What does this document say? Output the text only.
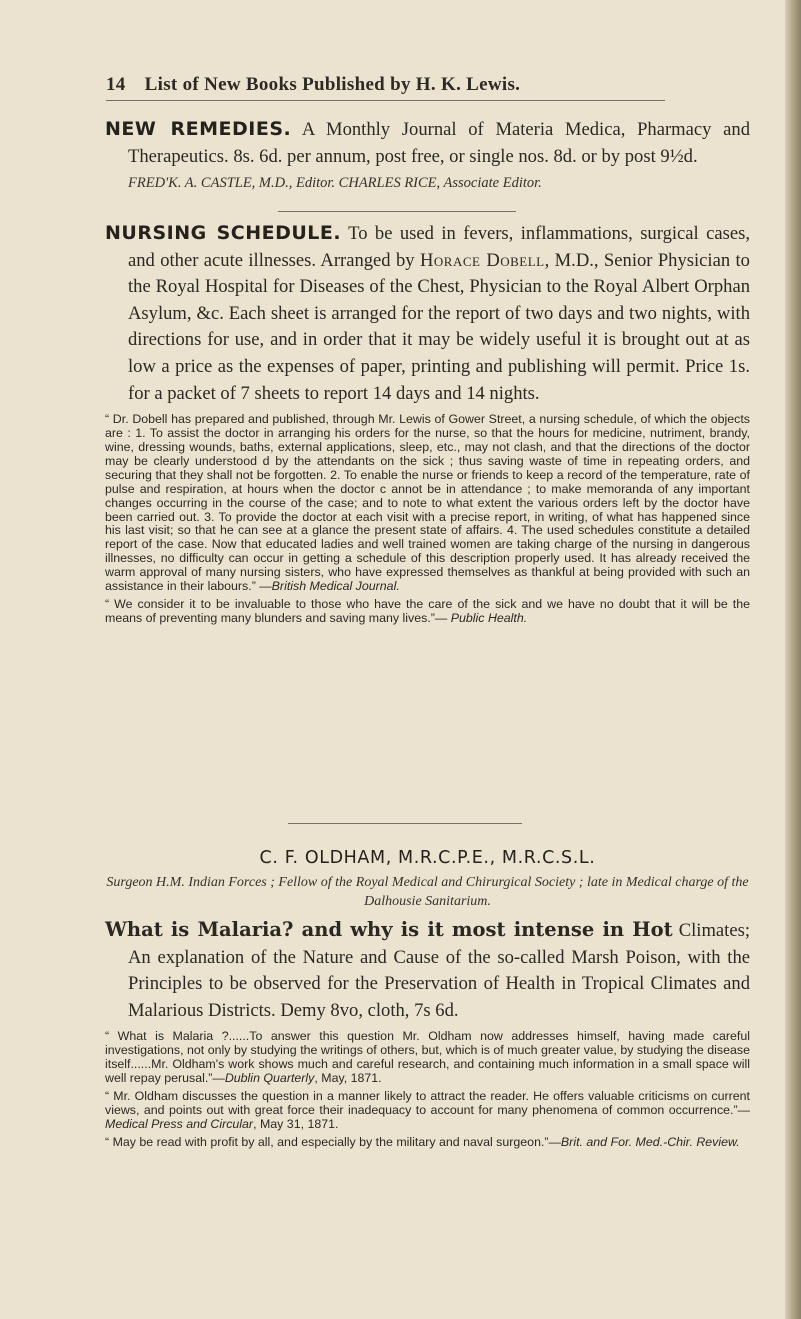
14 List of New Books Published by H. K. Lewis.

NEW REMEDIES. A Monthly Journal of Materia Medica, Pharmacy and Therapeutics. 8s. 6d. per annum, post free, or single nos. 8d. or by post 9½d.

FRED'K. A. CASTLE, M.D., Editor. CHARLES RICE, Associate Editor.

NURSING SCHEDULE. To be used in fevers, inflammations, surgical cases, and other acute illnesses. Arranged by Horace Dobell, M.D., Senior Physician to the Royal Hospital for Diseases of the Chest, Physician to the Royal Albert Orphan Asylum, &c. Each sheet is arranged for the report of two days and two nights, with directions for use, and in order that it may be widely useful it is brought out at as low a price as the expenses of paper, printing and publishing will permit. Price 1s. for a packet of 7 sheets to report 14 days and 14 nights.

“ Dr. Dobell has prepared and published, through Mr. Lewis of Gower Street, a nursing schedule, of which the objects are : 1. To assist the doctor in arranging his orders for the nurse, so that the hours for medicine, nutriment, brandy, wine, dressing wounds, baths, external applications, sleep, etc., may not clash, and that the directions of the doctor may be clearly understood d by the attendants on the sick ; thus saving waste of time in repeating orders, and securing that they shall not be forgotten. 2. To enable the nurse or friends to keep a record of the temperature, rate of pulse and respiration, at hours when the doctor c annot be in attendance ; to make memoranda of any important changes occurring in the course of the case; and to note to what extent the various orders left by the doctor have been carried out. 3. To provide the doctor at each visit with a precise report, in writing, of what has happened since his last visit; so that he can see at a glance the present state of affairs. 4. The used schedules constitute a detailed report of the case. Now that educated ladies and well trained women are taking charge of the nursing in dangerous illnesses, no difficulty can occur in getting a schedule of this description properly used. It has already received the warm approval of many nursing sisters, who have expressed themselves as thankful at being provided with such an assistance in their labours.” —British Medical Journal.

“ We consider it to be invaluable to those who have the care of the sick and we have no doubt that it will be the means of preventing many blunders and saving many lives.”— Public Health.

C. F. OLDHAM, M.R.C.P.E., M.R.C.S.L.

Surgeon H.M. Indian Forces ; Fellow of the Royal Medical and Chirurgical Society ; late in Medical charge of the Dalhousie Sanitarium.

What is Malaria? and why is it most intense in Hot Climates; An explanation of the Nature and Cause of the so-called Marsh Poison, with the Principles to be observed for the Preservation of Health in Tropical Climates and Malarious Districts. Demy 8vo, cloth, 7s 6d.

“ What is Malaria ?......To answer this question Mr. Oldham now addresses himself, having made careful investigations, not only by studying the writings of others, but, which is of much greater value, by studying the disease itself......Mr. Oldham's work shows much and careful research, and containing much information in a small space will well repay perusal.”—Dublin Quarterly, May, 1871.

“ Mr. Oldham discusses the question in a manner likely to attract the reader. He offers valuable criticisms on current views, and points out with great force their inadequacy to account for many phenomena of common occurrence.”—Medical Press and Circular, May 31, 1871.

“ May be read with profit by all, and especially by the military and naval surgeon.”—Brit. and For. Med.-Chir. Review.
